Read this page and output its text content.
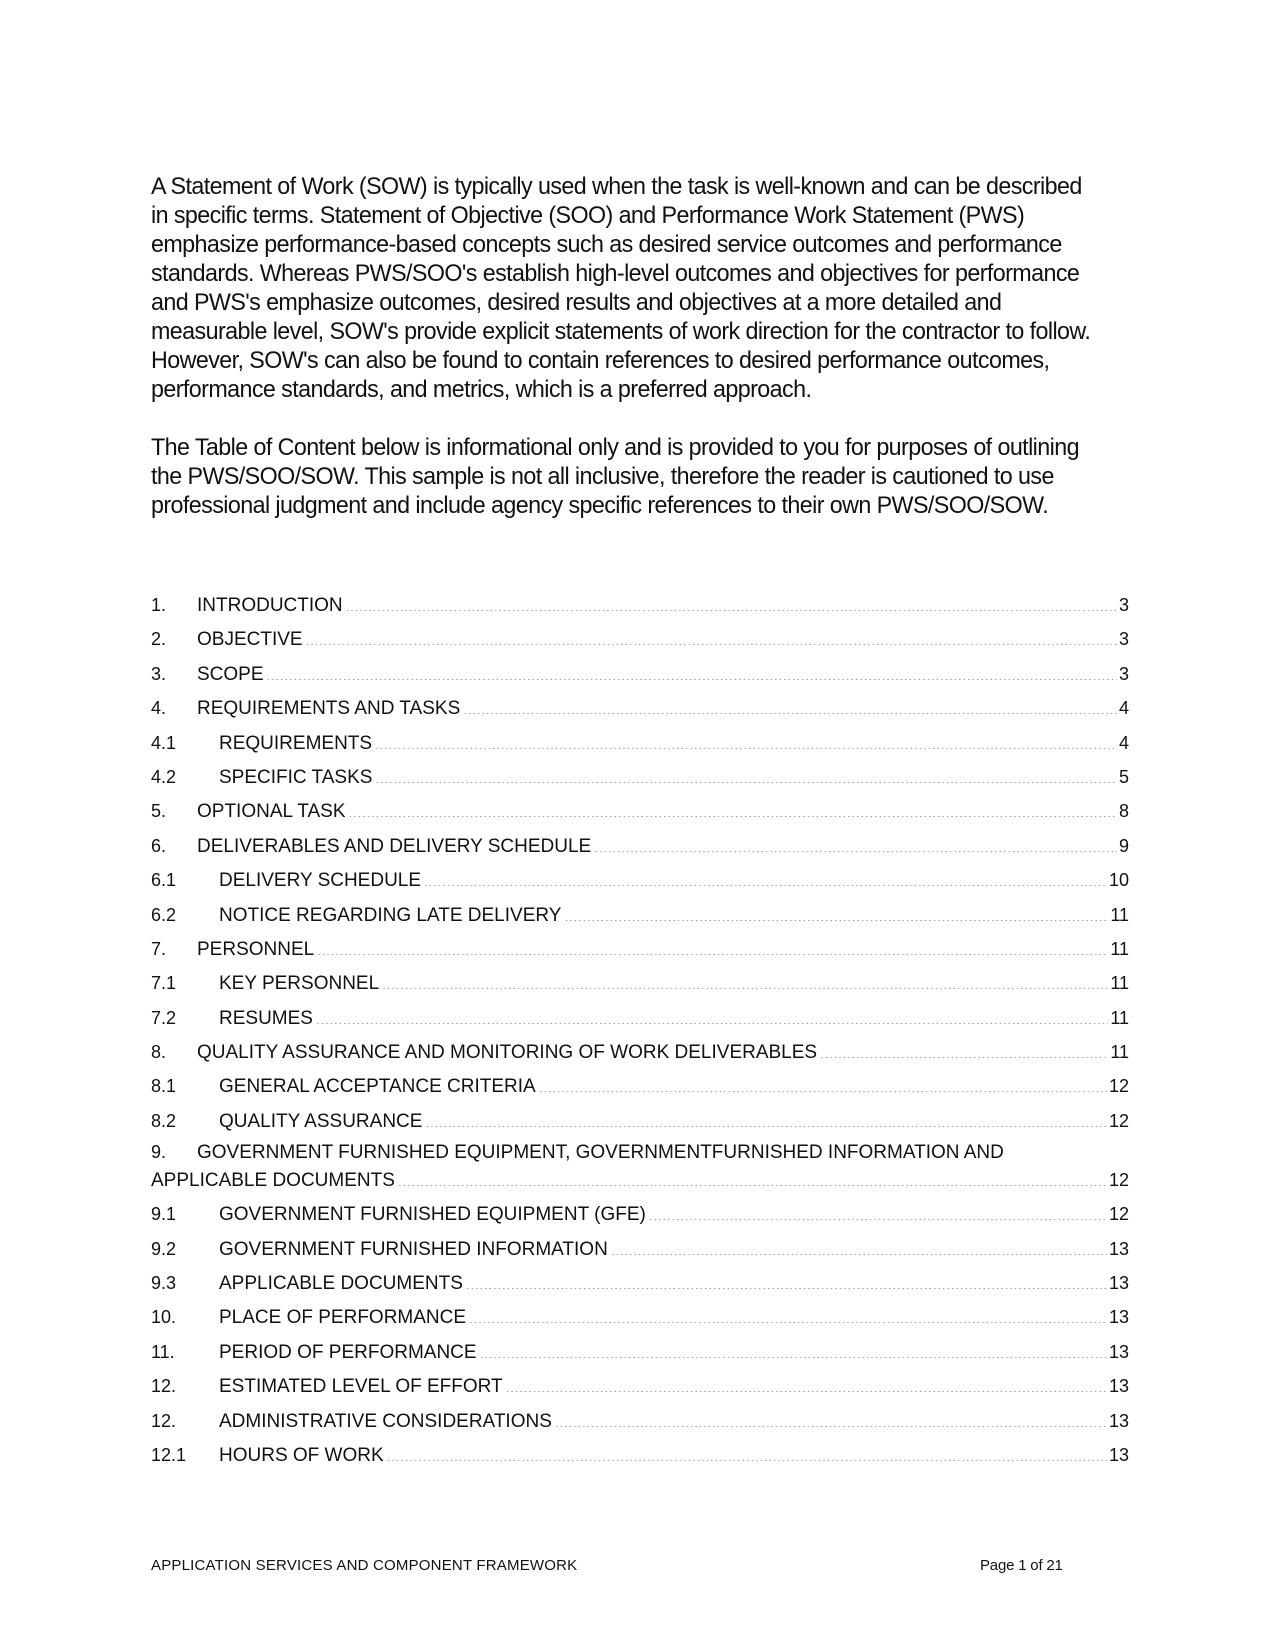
A Statement of Work (SOW) is typically used when the task is well-known and can be described in specific terms. Statement of Objective (SOO) and Performance Work Statement (PWS) emphasize performance-based concepts such as desired service outcomes and performance standards. Whereas PWS/SOO's establish high-level outcomes and objectives for performance and PWS's emphasize outcomes, desired results and objectives at a more detailed and measurable level, SOW's provide explicit statements of work direction for the contractor to follow. However, SOW's can also be found to contain references to desired performance outcomes, performance standards, and metrics, which is a preferred approach.

The Table of Content below is informational only and is provided to you for purposes of outlining the PWS/SOO/SOW. This sample is not all inclusive, therefore the reader is cautioned to use professional judgment and include agency specific references to their own PWS/SOO/SOW.

1.	INTRODUCTION .....	3
2.	OBJECTIVE .....	3
3.	SCOPE .....	3
4.	REQUIREMENTS AND TASKS .....	4
4.1	REQUIREMENTS .....	4
4.2	SPECIFIC TASKS .....	5
5.	OPTIONAL TASK .....	8
6.	DELIVERABLES AND DELIVERY SCHEDULE .....	9
6.1	DELIVERY SCHEDULE .....	10
6.2	NOTICE REGARDING LATE DELIVERY .....	11
7.	PERSONNEL .....	11
7.1	KEY PERSONNEL .....	11
7.2	RESUMES .....	11
8.	QUALITY ASSURANCE AND MONITORING OF WORK DELIVERABLES .....	11
8.1	GENERAL ACCEPTANCE CRITERIA .....	12
8.2	QUALITY ASSURANCE .....	12
9.	GOVERNMENT FURNISHED EQUIPMENT, GOVERNMENTFURNISHED INFORMATION AND
APPLICABLE DOCUMENTS .....	12
9.1	GOVERNMENT FURNISHED EQUIPMENT (GFE) .....	12
9.2	GOVERNMENT FURNISHED INFORMATION .....	13
9.3	APPLICABLE DOCUMENTS .....	13
10.	PLACE OF PERFORMANCE .....	13
11.	PERIOD OF PERFORMANCE .....	13
12.	ESTIMATED LEVEL OF EFFORT .....	13
12.	ADMINISTRATIVE CONSIDERATIONS .....	13
12.1	HOURS OF WORK .....	13
APPLICATION SERVICES AND COMPONENT FRAMEWORK	Page 1 of 21
